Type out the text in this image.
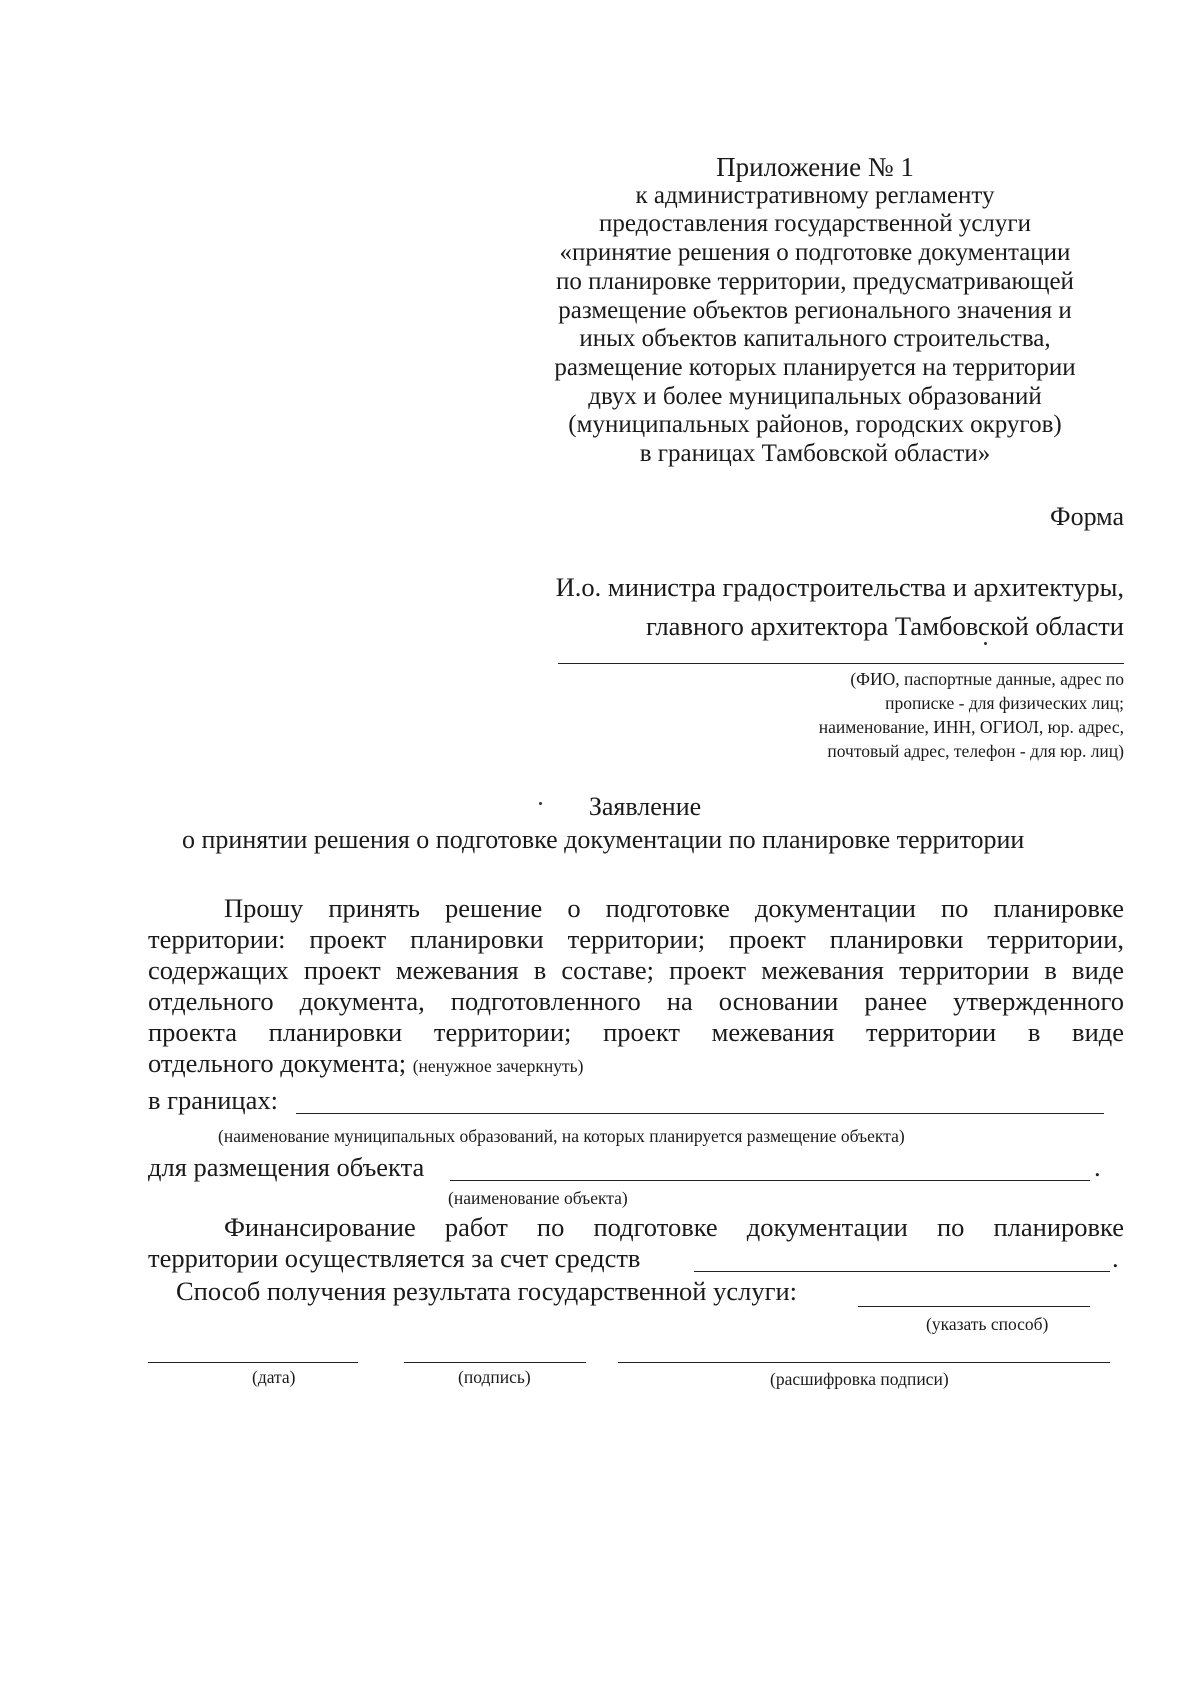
Приложение № 1
к административному регламенту
предоставления государственной услуги
«принятие решения о подготовке документации
по планировке территории, предусматривающей
размещение объектов регионального значения и
иных объектов капитального строительства,
размещение которых планируется на территории
двух и более муниципальных образований
(муниципальных районов, городских округов)
в границах Тамбовской области»
Форма
И.о. министра градостроительства и архитектуры,
главного архитектора Тамбовской области
(ФИО, паспортные данные, адрес по
прописке - для физических лиц;
наименование, ИНН, ОГИОЛ, юр. адрес,
почтовый адрес, телефон - для юр. лиц)
Заявление
о принятии решения о подготовке документации по планировке территории
Прошу принять решение о подготовке документации по планировке
территории: проект планировки территории; проект планировки территории,
содержащих проект межевания в составе; проект межевания территории в виде
отдельного документа, подготовленного на основании ранее утвержденного
проекта планировки территории; проект межевания территории в виде
отдельного документа; (ненужное зачеркнуть)
в границах:
(наименование муниципальных образований, на которых планируется размещение объекта)
для размещения объекта	.
(наименование объекта)
Финансирование работ по подготовке документации по планировке
территории осуществляется за счет средств	.
Способ получения результата государственной услуги:
(указать способ)
(дата)	(подпись)	(расшифровка подписи)
